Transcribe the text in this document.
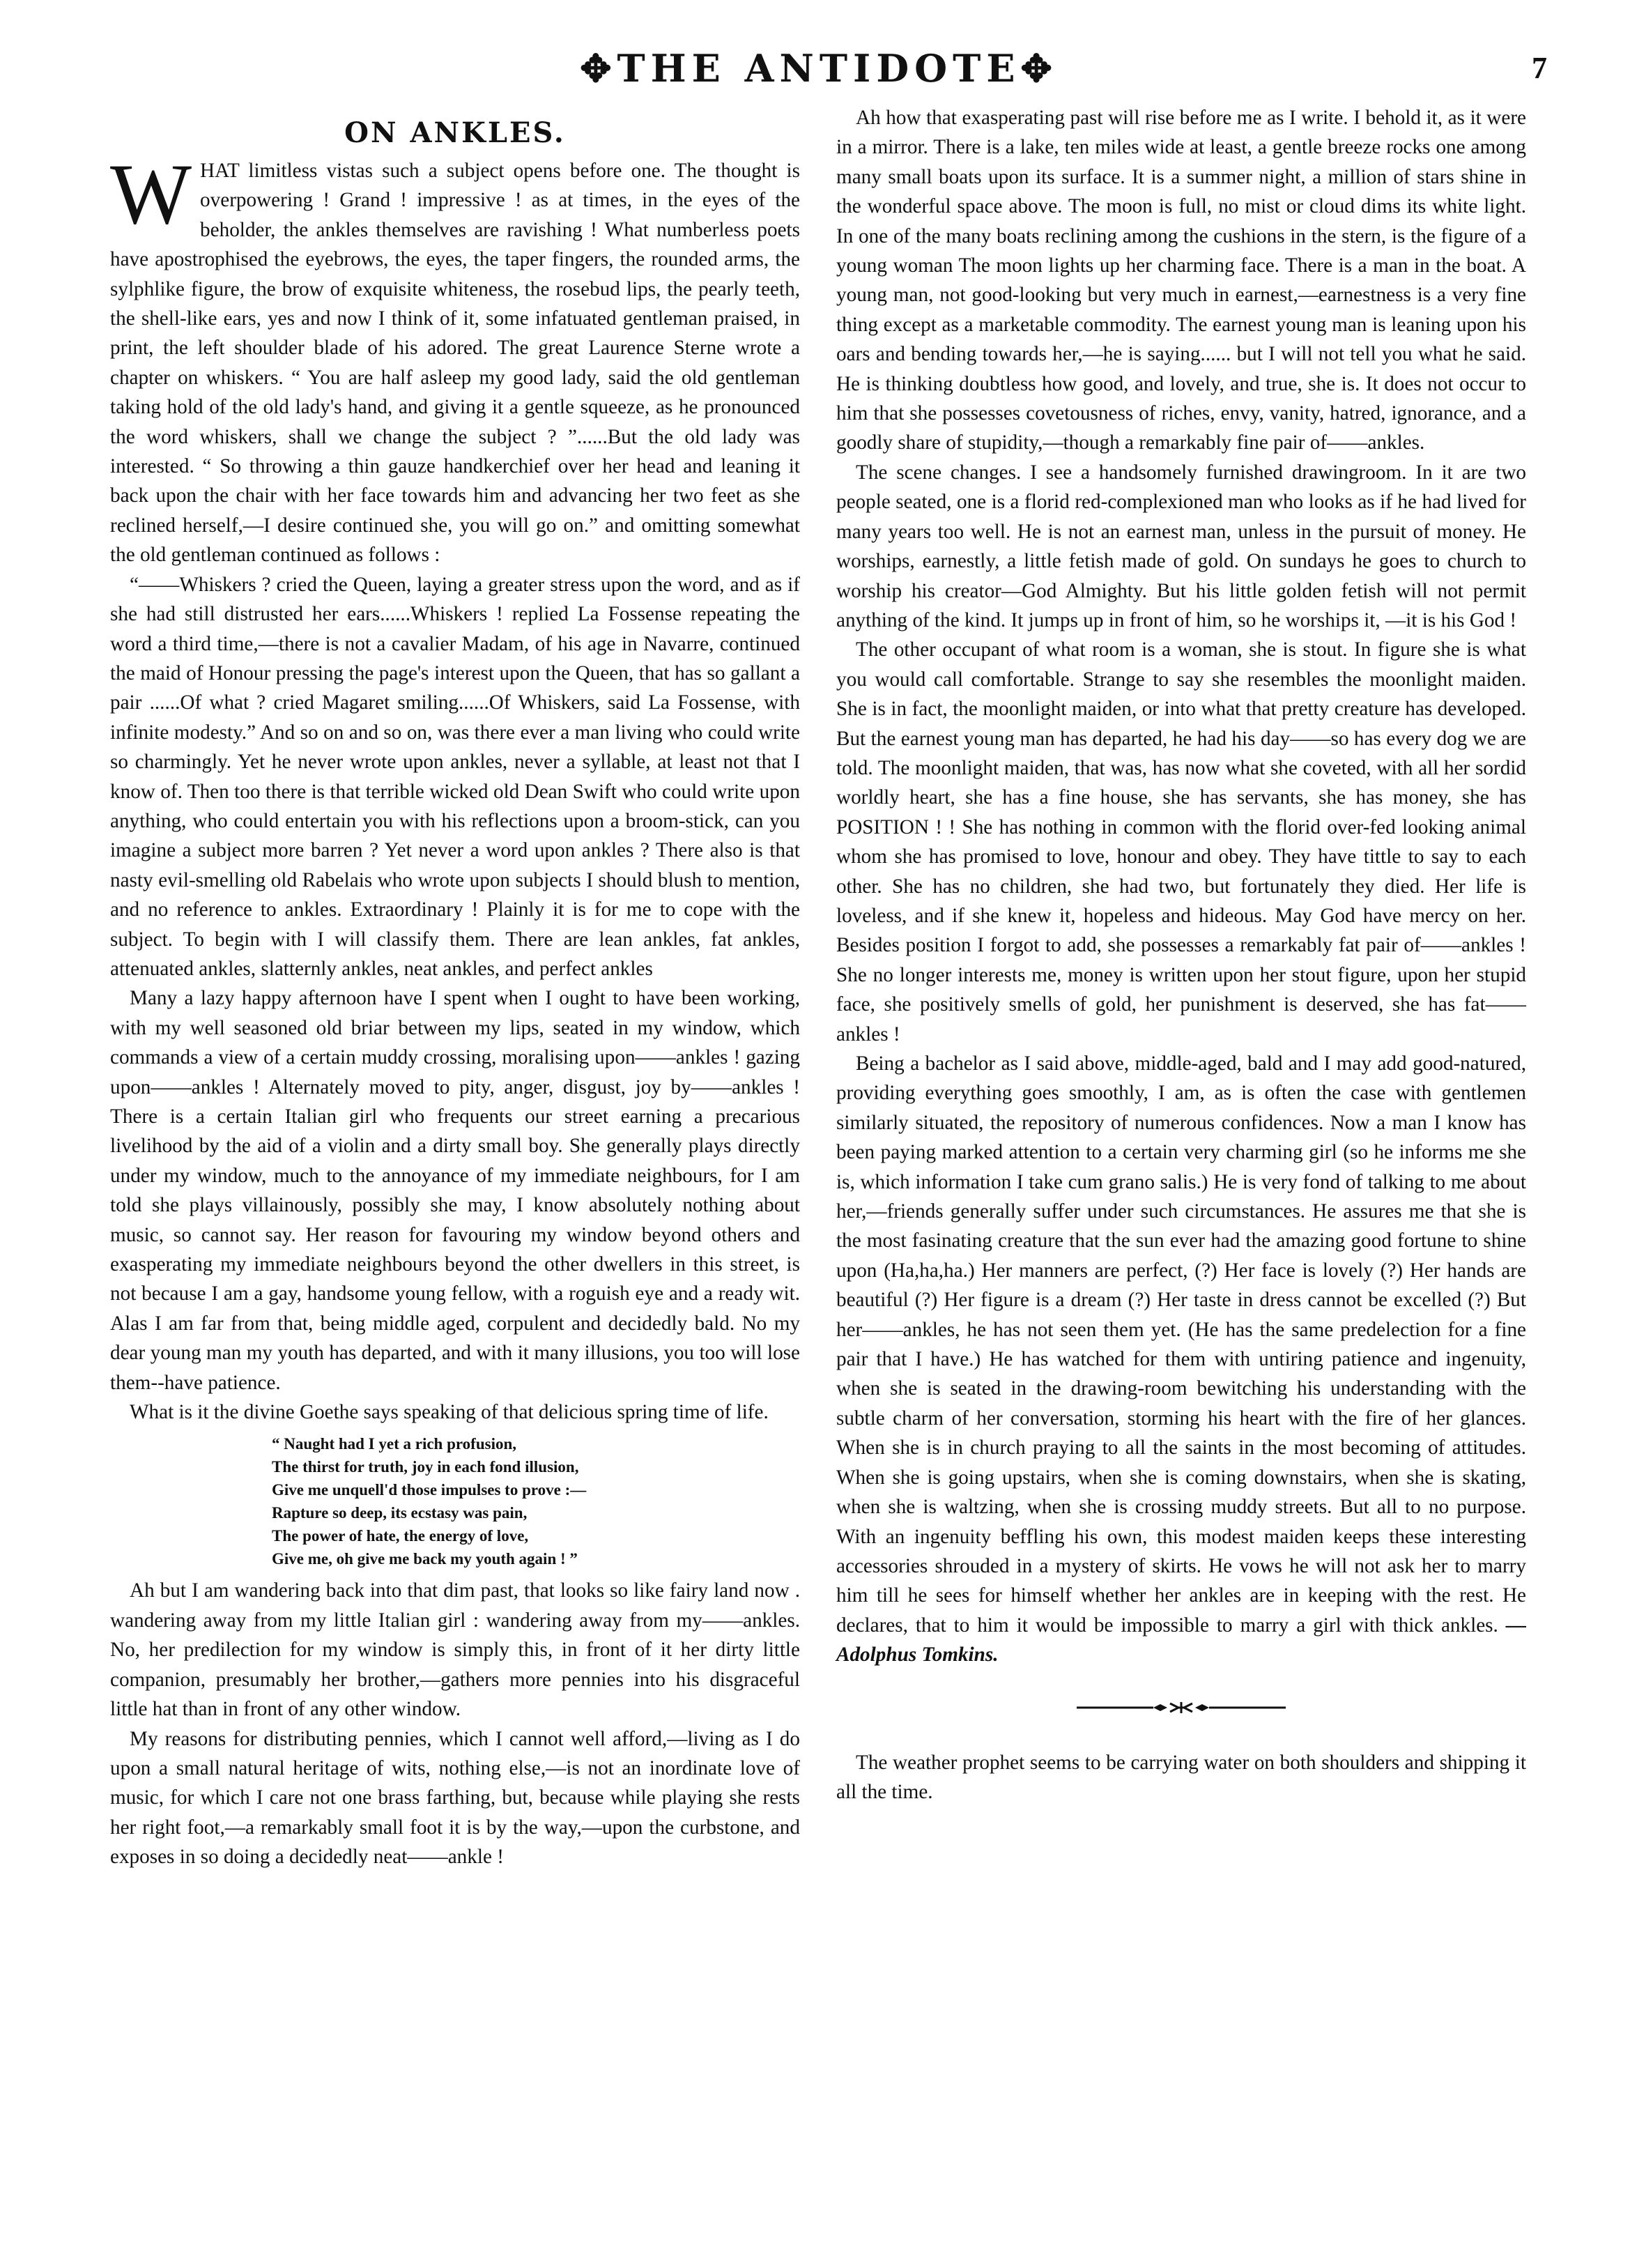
✥THE ANTIDOTE✥	7
ON ANKLES.

WHAT limitless vistas such a subject opens before one. The thought is overpowering ! Grand ! impressive ! as at times, in the eyes of the beholder, the ankles themselves are ravishing ! What numberless poets have apostrophised the eyebrows, the eyes, the taper fingers, the rounded arms, the sylphlike figure, the brow of exquisite whiteness, the rosebud lips, the pearly teeth, the shell-like ears, yes and now I think of it, some infatuated gentleman praised, in print, the left shoulder blade of his adored. The great Laurence Sterne wrote a chapter on whiskers. “ You are half asleep my good lady, said the old gentleman taking hold of the old lady's hand, and giving it a gentle squeeze, as he pronounced the word whiskers, shall we change the subject ? ”......But the old lady was interested. “ So throwing a thin gauze handkerchief over her head and leaning it back upon the chair with her face towards him and advancing her two feet as she reclined herself,—I desire continued she, you will go on.” and omitting somewhat the old gentleman continued as follows :

“——Whiskers ? cried the Queen, laying a greater stress upon the word, and as if she had still distrusted her ears......Whiskers ! replied La Fossense repeating the word a third time,—there is not a cavalier Madam, of his age in Navarre, continued the maid of Honour pressing the page's interest upon the Queen, that has so gallant a pair ......Of what ? cried Magaret smiling......Of Whiskers, said La Fossense, with infinite modesty.” And so on and so on, was there ever a man living who could write so charmingly. Yet he never wrote upon ankles, never a syllable, at least not that I know of. Then too there is that terrible wicked old Dean Swift who could write upon anything, who could entertain you with his reflections upon a broom-stick, can you imagine a subject more barren ? Yet never a word upon ankles ? There also is that nasty evil-smelling old Rabelais who wrote upon subjects I should blush to mention, and no reference to ankles. Extraordinary ! Plainly it is for me to cope with the subject. To begin with I will classify them. There are lean ankles, fat ankles, attenuated ankles, slatternly ankles, neat ankles, and perfect ankles

Many a lazy happy afternoon have I spent when I ought to have been working, with my well seasoned old briar between my lips, seated in my window, which commands a view of a certain muddy crossing, moralising upon——ankles ! gazing upon——ankles ! Alternately moved to pity, anger, disgust, joy by——ankles ! There is a certain Italian girl who frequents our street earning a precarious livelihood by the aid of a violin and a dirty small boy. She generally plays directly under my window, much to the annoyance of my immediate neighbours, for I am told she plays villainously, possibly she may, I know absolutely nothing about music, so cannot say. Her reason for favouring my window beyond others and exasperating my immediate neighbours beyond the other dwellers in this street, is not because I am a gay, handsome young fellow, with a roguish eye and a ready wit. Alas I am far from that, being middle aged, corpulent and decidedly bald. No my dear young man my youth has departed, and with it many illusions, you too will lose them--have patience.

What is it the divine Goethe says speaking of that delicious spring time of life.

“ Naught had I yet a rich profusion,
The thirst for truth, joy in each fond illusion,
Give me unquell'd those impulses to prove :—
Rapture so deep, its ecstasy was pain,
The power of hate, the energy of love,
Give me, oh give me back my youth again ! ”

Ah but I am wandering back into that dim past, that looks so like fairy land now . wandering away from my little Italian girl : wandering away from my——ankles. No, her predilection for my window is simply this, in front of it her dirty little companion, presumably her brother,—gathers more pennies into his disgraceful little hat than in front of any other window.

My reasons for distributing pennies, which I cannot well afford,—living as I do upon a small natural heritage of wits, nothing else,—is not an inordinate love of music, for which I care not one brass farthing, but, because while playing she rests her right foot,—a remarkably small foot it is by the way,—upon the curbstone, and exposes in so doing a decidedly neat——ankle !

Ah how that exasperating past will rise before me as I write. I behold it, as it were in a mirror. There is a lake, ten miles wide at least, a gentle breeze rocks one among many small boats upon its surface. It is a summer night, a million of stars shine in the wonderful space above. The moon is full, no mist or cloud dims its white light. In one of the many boats reclining among the cushions in the stern, is the figure of a young woman The moon lights up her charming face. There is a man in the boat. A young man, not good-looking but very much in earnest,—earnestness is a very fine thing except as a marketable commodity. The earnest young man is leaning upon his oars and bending towards her,—he is saying...... but I will not tell you what he said. He is thinking doubtless how good, and lovely, and true, she is. It does not occur to him that she possesses covetousness of riches, envy, vanity, hatred, ignorance, and a goodly share of stupidity,—though a remarkably fine pair of——ankles.

The scene changes. I see a handsomely furnished drawingroom. In it are two people seated, one is a florid red-complexioned man who looks as if he had lived for many years too well. He is not an earnest man, unless in the pursuit of money. He worships, earnestly, a little fetish made of gold. On sundays he goes to church to worship his creator—God Almighty. But his little golden fetish will not permit anything of the kind. It jumps up in front of him, so he worships it, —it is his God !

The other occupant of what room is a woman, she is stout. In figure she is what you would call comfortable. Strange to say she resembles the moonlight maiden. She is in fact, the moonlight maiden, or into what that pretty creature has developed. But the earnest young man has departed, he had his day——so has every dog we are told. The moonlight maiden, that was, has now what she coveted, with all her sordid worldly heart, she has a fine house, she has servants, she has money, she has POSITION ! ! She has nothing in common with the florid over-fed looking animal whom she has promised to love, honour and obey. They have tittle to say to each other. She has no children, she had two, but fortunately they died. Her life is loveless, and if she knew it, hopeless and hideous. May God have mercy on her. Besides position I forgot to add, she possesses a remarkably fat pair of——ankles ! She no longer interests me, money is written upon her stout figure, upon her stupid face, she positively smells of gold, her punishment is deserved, she has fat——ankles !

Being a bachelor as I said above, middle-aged, bald and I may add good-natured, providing everything goes smoothly, I am, as is often the case with gentlemen similarly situated, the repository of numerous confidences. Now a man I know has been paying marked attention to a certain very charming girl (so he informs me she is, which information I take cum grano salis.) He is very fond of talking to me about her,—friends generally suffer under such circumstances. He assures me that she is the most fasinating creature that the sun ever had the amazing good fortune to shine upon (Ha,ha,ha.) Her manners are perfect, (?) Her face is lovely (?) Her hands are beautiful (?) Her figure is a dream (?) Her taste in dress cannot be excelled (?) But her——ankles, he has not seen them yet. (He has the same predelection for a fine pair that I have.) He has watched for them with untiring patience and ingenuity, when she is seated in the drawing-room bewitching his understanding with the subtle charm of her conversation, storming his heart with the fire of her glances. When she is in church praying to all the saints in the most becoming of attitudes. When she is going upstairs, when she is coming downstairs, when she is skating, when she is waltzing, when she is crossing muddy streets. But all to no purpose. With an ingenuity beffling his own, this modest maiden keeps these interesting accessories shrouded in a mystery of skirts. He vows he will not ask her to marry him till he sees for himself whether her ankles are in keeping with the rest. He declares, that to him it would be impossible to marry a girl with thick ankles. —Adolphus Tomkins.

The weather prophet seems to be carrying water on both shoulders and shipping it all the time.
